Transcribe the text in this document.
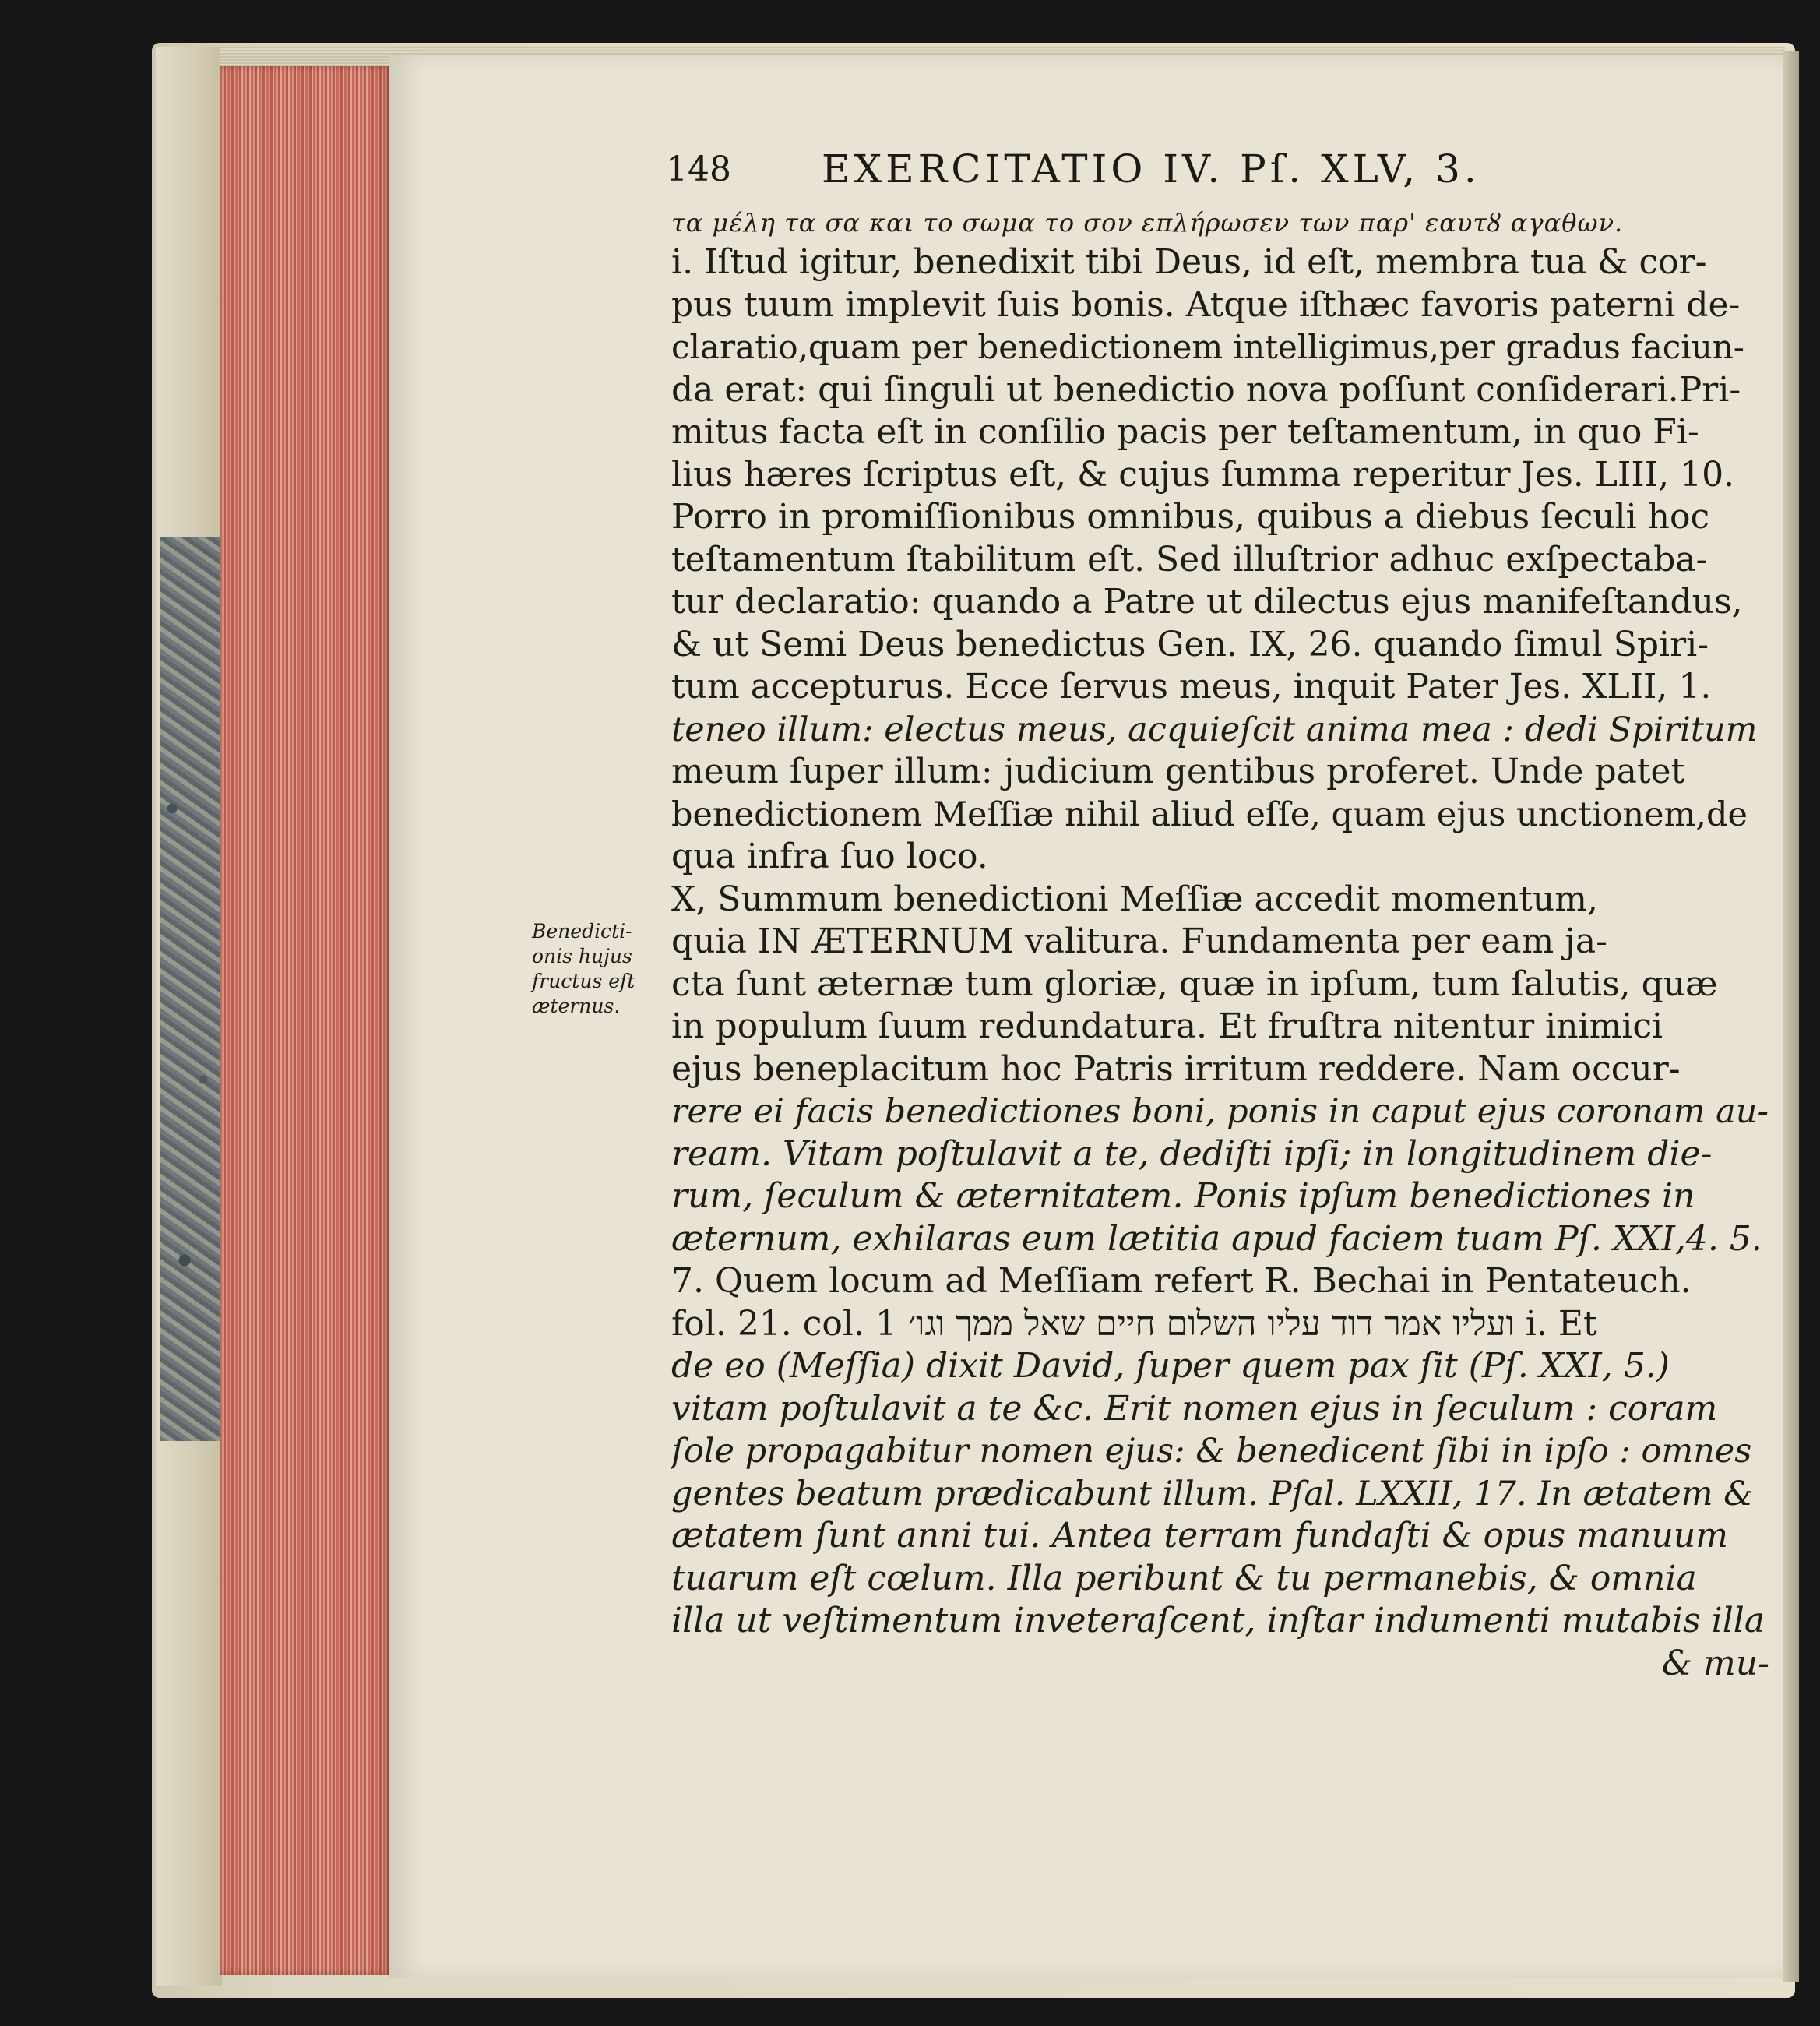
148 EXERCITATIO IV. Pſ. XLV, 3.
Benedicti-
onis hujus
fructus eſt
æternus.
τα μέλη τα σα και το σωμα το σον επλήρωσεν των παρ' εαυτȣ αγαθων.
i. Iſtud igitur, benedixit tibi Deus, id eſt, membra tua & cor-
pus tuum implevit ſuis bonis. Atque iſthæc favoris paterni de-
claratio,quam per benedictionem intelligimus,per gradus faciun-
da erat: qui ſinguli ut benedictio nova poſſunt conſiderari.Pri-
mitus facta eſt in conſilio pacis per teſtamentum, in quo Fi-
lius hæres ſcriptus eſt, & cujus ſumma reperitur Jes. LIII, 10.
Porro in promiſſionibus omnibus, quibus a diebus ſeculi hoc
teſtamentum ſtabilitum eſt. Sed illuſtrior adhuc exſpectaba-
tur declaratio: quando a Patre ut dilectus ejus manifeſtandus,
& ut Semi Deus benedictus Gen. IX, 26. quando ſimul Spiri-
tum accepturus. Ecce ſervus meus, inquit Pater Jes. XLII, 1.
teneo illum: electus meus, acquieſcit anima mea : dedi Spiritum
meum ſuper illum: judicium gentibus proferet. Unde patet
benedictionem Meſſiæ nihil aliud eſſe, quam ejus unctionem,de
qua infra ſuo loco.
X, Summum benedictioni Meſſiæ accedit momentum,
quia IN ÆTERNUM valitura. Fundamenta per eam ja-
cta ſunt æternæ tum gloriæ, quæ in ipſum, tum ſalutis, quæ
in populum ſuum redundatura. Et fruſtra nitentur inimici
ejus beneplacitum hoc Patris irritum reddere. Nam occur-
rere ei facis benedictiones boni, ponis in caput ejus coronam au-
ream. Vitam poſtulavit a te, dediſti ipſi; in longitudinem die-
rum, ſeculum & æternitatem. Ponis ipſum benedictiones in
æternum, exhilaras eum lætitia apud faciem tuam Pſ. XXI,4. 5.
7. Quem locum ad Meſſiam refert R. Bechai in Pentateuch.
fol. 21. col. 1 ועליו אמר דוד עליו השלום חיים שאל ממך וגו׳ i. Et
de eo (Meſſia) dixit David, ſuper quem pax ſit (Pſ. XXI, 5.)
vitam poſtulavit a te &c. Erit nomen ejus in ſeculum : coram
ſole propagabitur nomen ejus: & benedicent ſibi in ipſo : omnes
gentes beatum prædicabunt illum. Pſal. LXXII, 17. In ætatem &
ætatem ſunt anni tui. Antea terram fundaſti & opus manuum
tuarum eſt cœlum. Illa peribunt & tu permanebis, & omnia
illa ut veſtimentum inveteraſcent, inſtar indumenti mutabis illa
& mu-
